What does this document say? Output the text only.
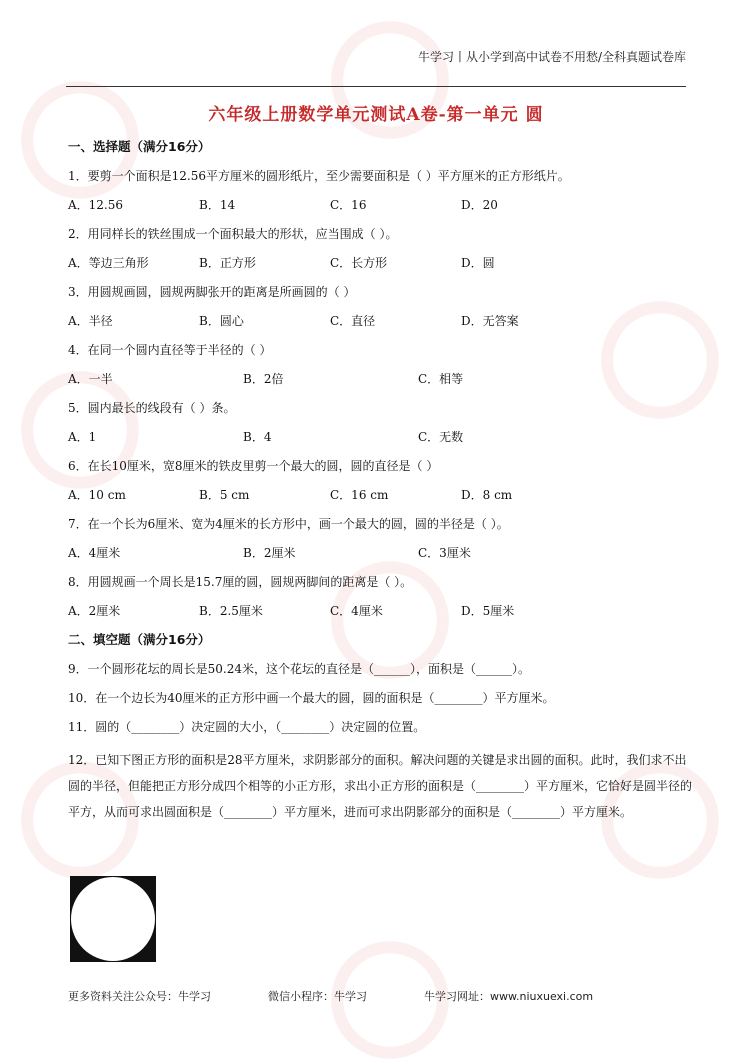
牛学习丨从小学到高中试卷不用愁/全科真题试卷库
六年级上册数学单元测试A卷-第一单元 圆
一、选择题（满分16分）
1．要剪一个面积是12.56平方厘米的圆形纸片，至少需要面积是（ ）平方厘米的正方形纸片。
A．12.56	B．14	C．16	D．20
2．用同样长的铁丝围成一个面积最大的形状，应当围成（ ）。
A．等边三角形	B．正方形	C．长方形	D．圆
3．用圆规画圆，圆规两脚张开的距离是所画圆的（ ）
A．半径	B．圆心	C．直径	D．无答案
4．在同一个圆内直径等于半径的（ ）
A．一半	B．2倍	C．相等
5．圆内最长的线段有（ ）条。
A．1	B．4	C．无数
6．在长10厘米，宽8厘米的铁皮里剪一个最大的圆，圆的直径是（ ）
A．10 cm	B．5 cm	C．16 cm	D．8 cm
7．在一个长为6厘米、宽为4厘米的长方形中，画一个最大的圆，圆的半径是（ ）。
A．4厘米	B．2厘米	C．3厘米
8．用圆规画一个周长是15.7厘的圆，圆规两脚间的距离是（ ）。
A．2厘米	B．2.5厘米	C．4厘米	D．5厘米
二、填空题（满分16分）
9．一个圆形花坛的周长是50.24米，这个花坛的直径是（______），面积是（______）。
10．在一个边长为40厘米的正方形中画一个最大的圆，圆的面积是（________）平方厘米。
11．圆的（________）决定圆的大小，（________）决定圆的位置。
12．已知下图正方形的面积是28平方厘米，求阴影部分的面积。解决问题的关键是求出圆的面积。此时，我们求不出圆的半径，但能把正方形分成四个相等的小正方形，求出小正方形的面积是（________）平方厘米，它恰好是圆半径的平方，从而可求出圆面积是（________）平方厘米，进而可求出阴影部分的面积是（________）平方厘米。
更多资料关注公众号：牛学习	微信小程序：牛学习	牛学习网址：www.niuxuexi.com
